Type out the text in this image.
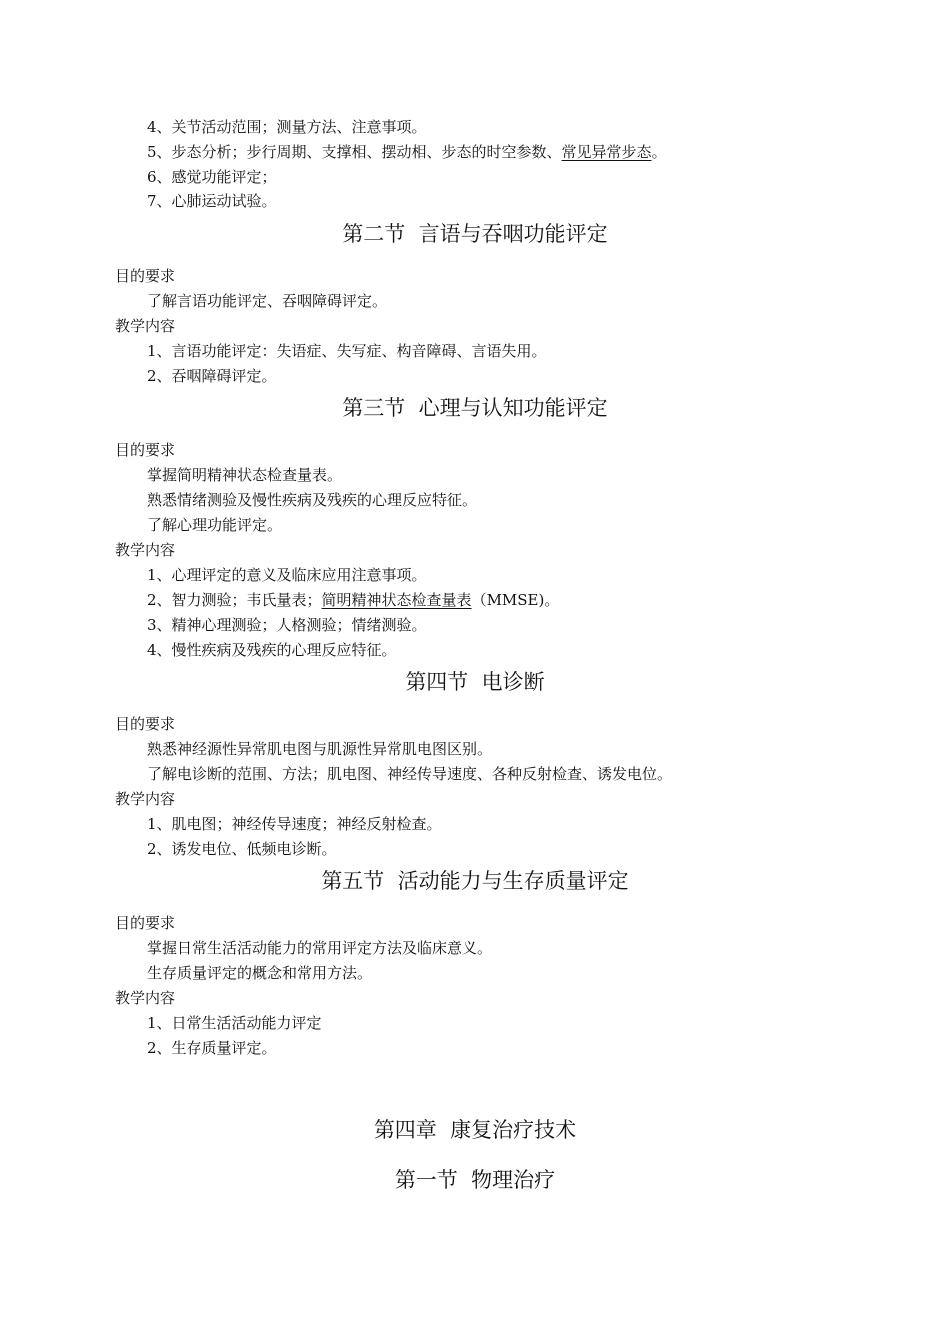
4、关节活动范围；测量方法、注意事项。
5、步态分析；步行周期、支撑相、摆动相、步态的时空参数、常见异常步态。
6、感觉功能评定；
7、心肺运动试验。
第二节  言语与吞咽功能评定
目的要求
了解言语功能评定、吞咽障碍评定。
教学内容
1、言语功能评定：失语症、失写症、构音障碍、言语失用。
2、吞咽障碍评定。
第三节  心理与认知功能评定
目的要求
掌握简明精神状态检查量表。
熟悉情绪测验及慢性疾病及残疾的心理反应特征。
了解心理功能评定。
教学内容
1、心理评定的意义及临床应用注意事项。
2、智力测验；韦氏量表；简明精神状态检查量表（MMSE)。
3、精神心理测验；人格测验；情绪测验。
4、慢性疾病及残疾的心理反应特征。
第四节  电诊断
目的要求
熟悉神经源性异常肌电图与肌源性异常肌电图区别。
了解电诊断的范围、方法；肌电图、神经传导速度、各种反射检查、诱发电位。
教学内容
1、肌电图；神经传导速度；神经反射检查。
2、诱发电位、低频电诊断。
第五节  活动能力与生存质量评定
目的要求
掌握日常生活活动能力的常用评定方法及临床意义。
生存质量评定的概念和常用方法。
教学内容
1、日常生活活动能力评定
2、生存质量评定。
第四章  康复治疗技术
第一节  物理治疗
